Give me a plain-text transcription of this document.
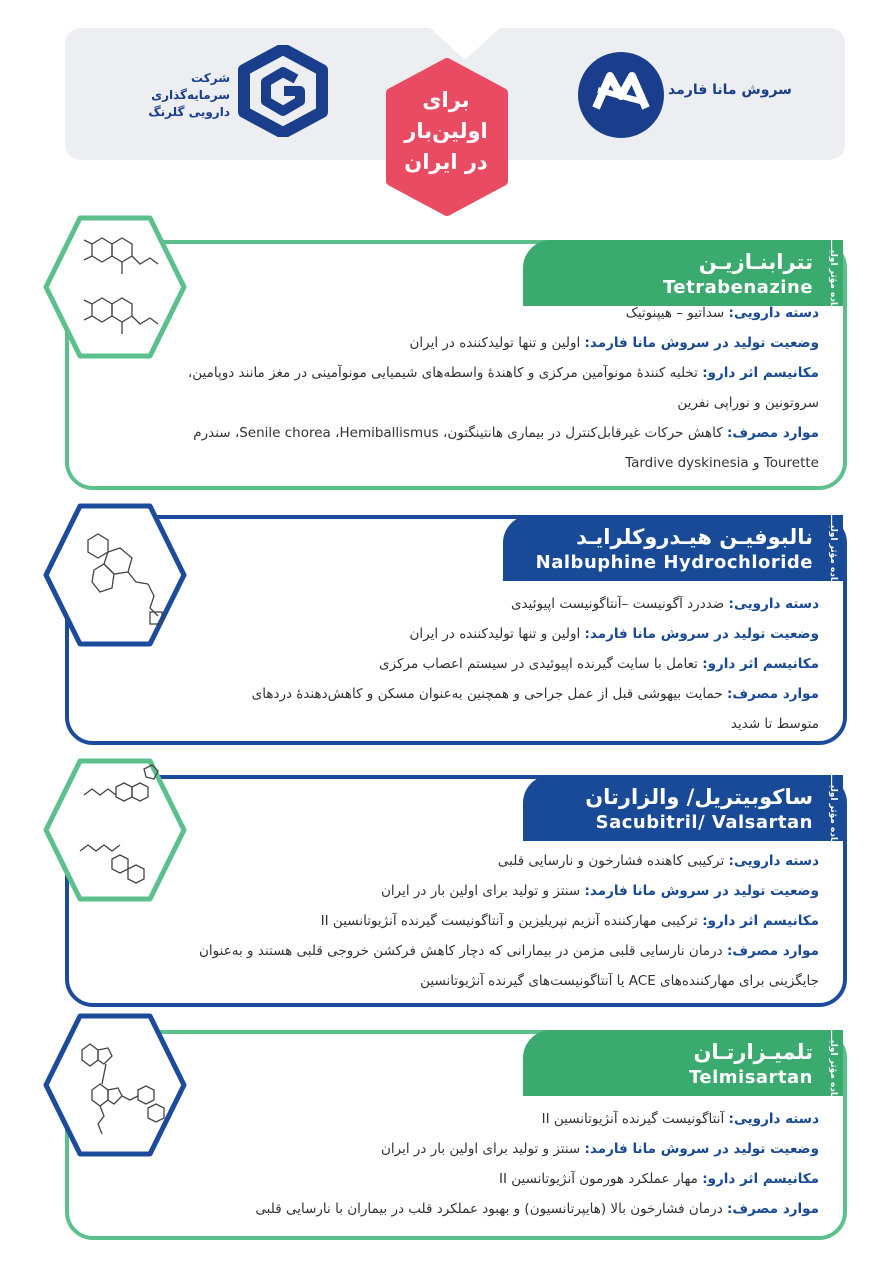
شرکت سرمایه‌گذاری دارویی گلرنگ	برای اولین‌بار در ایران
سروش مانا فارمد
تترابنـازیـن
Tetrabenazine ماده مؤثر اولیـــه
دسته دارویی: سداتیو – هیپنوتیک
وضعیت تولید در سروش مانا فارمد: اولین و تنها تولیدکننده در ایران
مکانیسم اثر دارو: تخلیه کنندهٔ مونوآمین مرکزی و کاهندهٔ واسطه‌های شیمیایی مونوآمینی در مغز مانند دوپامین،
سروتونین و نوراپی نفرین
موارد مصرف: کاهش حرکات غیرقابل‌کنترل در بیماری هانتینگتون، Senile chorea ،Hemiballismus، سندرم
Tourette و Tardive dyskinesia
نالبوفیـن هیـدروکلرایـد
Nalbuphine Hydrochloride ماده مؤثر اولیـــه
دسته دارویی: ضددرد آگونیست –آنتاگونیست اپیوئیدی
وضعیت تولید در سروش مانا فارمد: اولین و تنها تولیدکننده در ایران
مکانیسم اثر دارو: تعامل با سایت گیرنده اپیوئیدی در سیستم اعصاب مرکزی
موارد مصرف: حمایت بیهوشی قبل از عمل جراحی و همچنین به‌عنوان مسکن و کاهش‌دهندهٔ دردهای
متوسط تا شدید
ساکوبیتریل/ والزارتان
Sacubitril/ Valsartan ماده مؤثر اولیـــه
دسته دارویی: ترکیبی کاهنده فشارخون و نارسایی قلبی
وضعیت تولید در سروش مانا فارمد: سنتز و تولید برای اولین بار در ایران
مکانیسم اثر دارو: ترکیبی مهارکننده آنزیم نپریلیزین و آنتاگونیست گیرنده آنژیوتانسین II
موارد مصرف: درمان نارسایی قلبی مزمن در بیمارانی که دچار کاهش فرکشن خروجی قلبی هستند و به‌عنوان
جایگزینی برای مهارکننده‌های ACE یا آنتاگونیست‌های گیرنده آنژیوتانسین
تلمیـزارتـان
Telmisartan ماده مؤثر اولیـــه
دسته دارویی: آنتاگونیست گیرنده آنژیوتانسین II
وضعیت تولید در سروش مانا فارمد: سنتز و تولید برای اولین بار در ایران
مکانیسم اثر دارو: مهار عملکرد هورمون آنژیوتانسین II
موارد مصرف: درمان فشارخون بالا (هایپرتانسیون) و بهبود عملکرد قلب در بیماران با نارسایی قلبی
